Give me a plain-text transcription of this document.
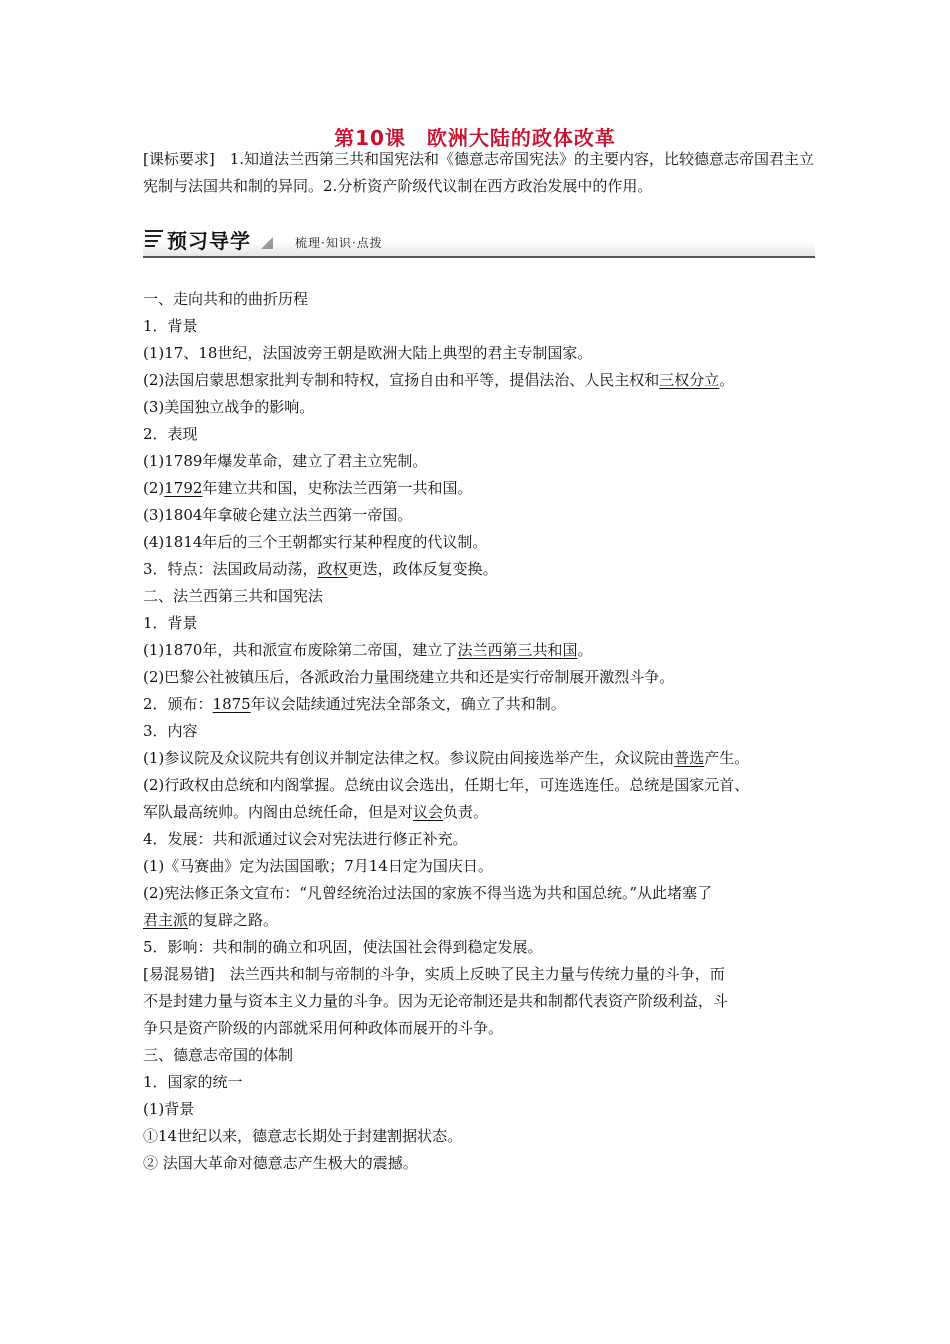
第10课　欧洲大陆的政体改革
[课标要求]　1.知道法兰西第三共和国宪法和《德意志帝国宪法》的主要内容，比较德意志帝国君主立宪制与法国共和制的异同。2.分析资产阶级代议制在西方政治发展中的作用。
预习导学	梳理·知识·点拨
一、走向共和的曲折历程
1．背景
(1)17、18世纪，法国波旁王朝是欧洲大陆上典型的君主专制国家。
(2)法国启蒙思想家批判专制和特权，宣扬自由和平等，提倡法治、人民主权和三权分立。
(3)美国独立战争的影响。
2．表现
(1)1789年爆发革命，建立了君主立宪制。
(2)1792年建立共和国，史称法兰西第一共和国。
(3)1804年拿破仑建立法兰西第一帝国。
(4)1814年后的三个王朝都实行某种程度的代议制。
3．特点：法国政局动荡，政权更迭，政体反复变换。
二、法兰西第三共和国宪法
1．背景
(1)1870年，共和派宣布废除第二帝国，建立了法兰西第三共和国。
(2)巴黎公社被镇压后，各派政治力量围绕建立共和还是实行帝制展开激烈斗争。
2．颁布：1875年议会陆续通过宪法全部条文，确立了共和制。
3．内容
(1)参议院及众议院共有创议并制定法律之权。参议院由间接选举产生，众议院由普选产生。
(2)行政权由总统和内阁掌握。总统由议会选出，任期七年，可连选连任。总统是国家元首、
军队最高统帅。内阁由总统任命，但是对议会负责。
4．发展：共和派通过议会对宪法进行修正补充。
(1)《马赛曲》定为法国国歌；7月14日定为国庆日。
(2)宪法修正条文宣布：“凡曾经统治过法国的家族不得当选为共和国总统。”从此堵塞了
君主派的复辟之路。
5．影响：共和制的确立和巩固，使法国社会得到稳定发展。
[易混易错]　法兰西共和制与帝制的斗争，实质上反映了民主力量与传统力量的斗争，而
不是封建力量与资本主义力量的斗争。因为无论帝制还是共和制都代表资产阶级利益，斗
争只是资产阶级的内部就采用何种政体而展开的斗争。
三、德意志帝国的体制
1．国家的统一
(1)背景
①14世纪以来，德意志长期处于封建割据状态。
② 法国大革命对德意志产生极大的震撼。
